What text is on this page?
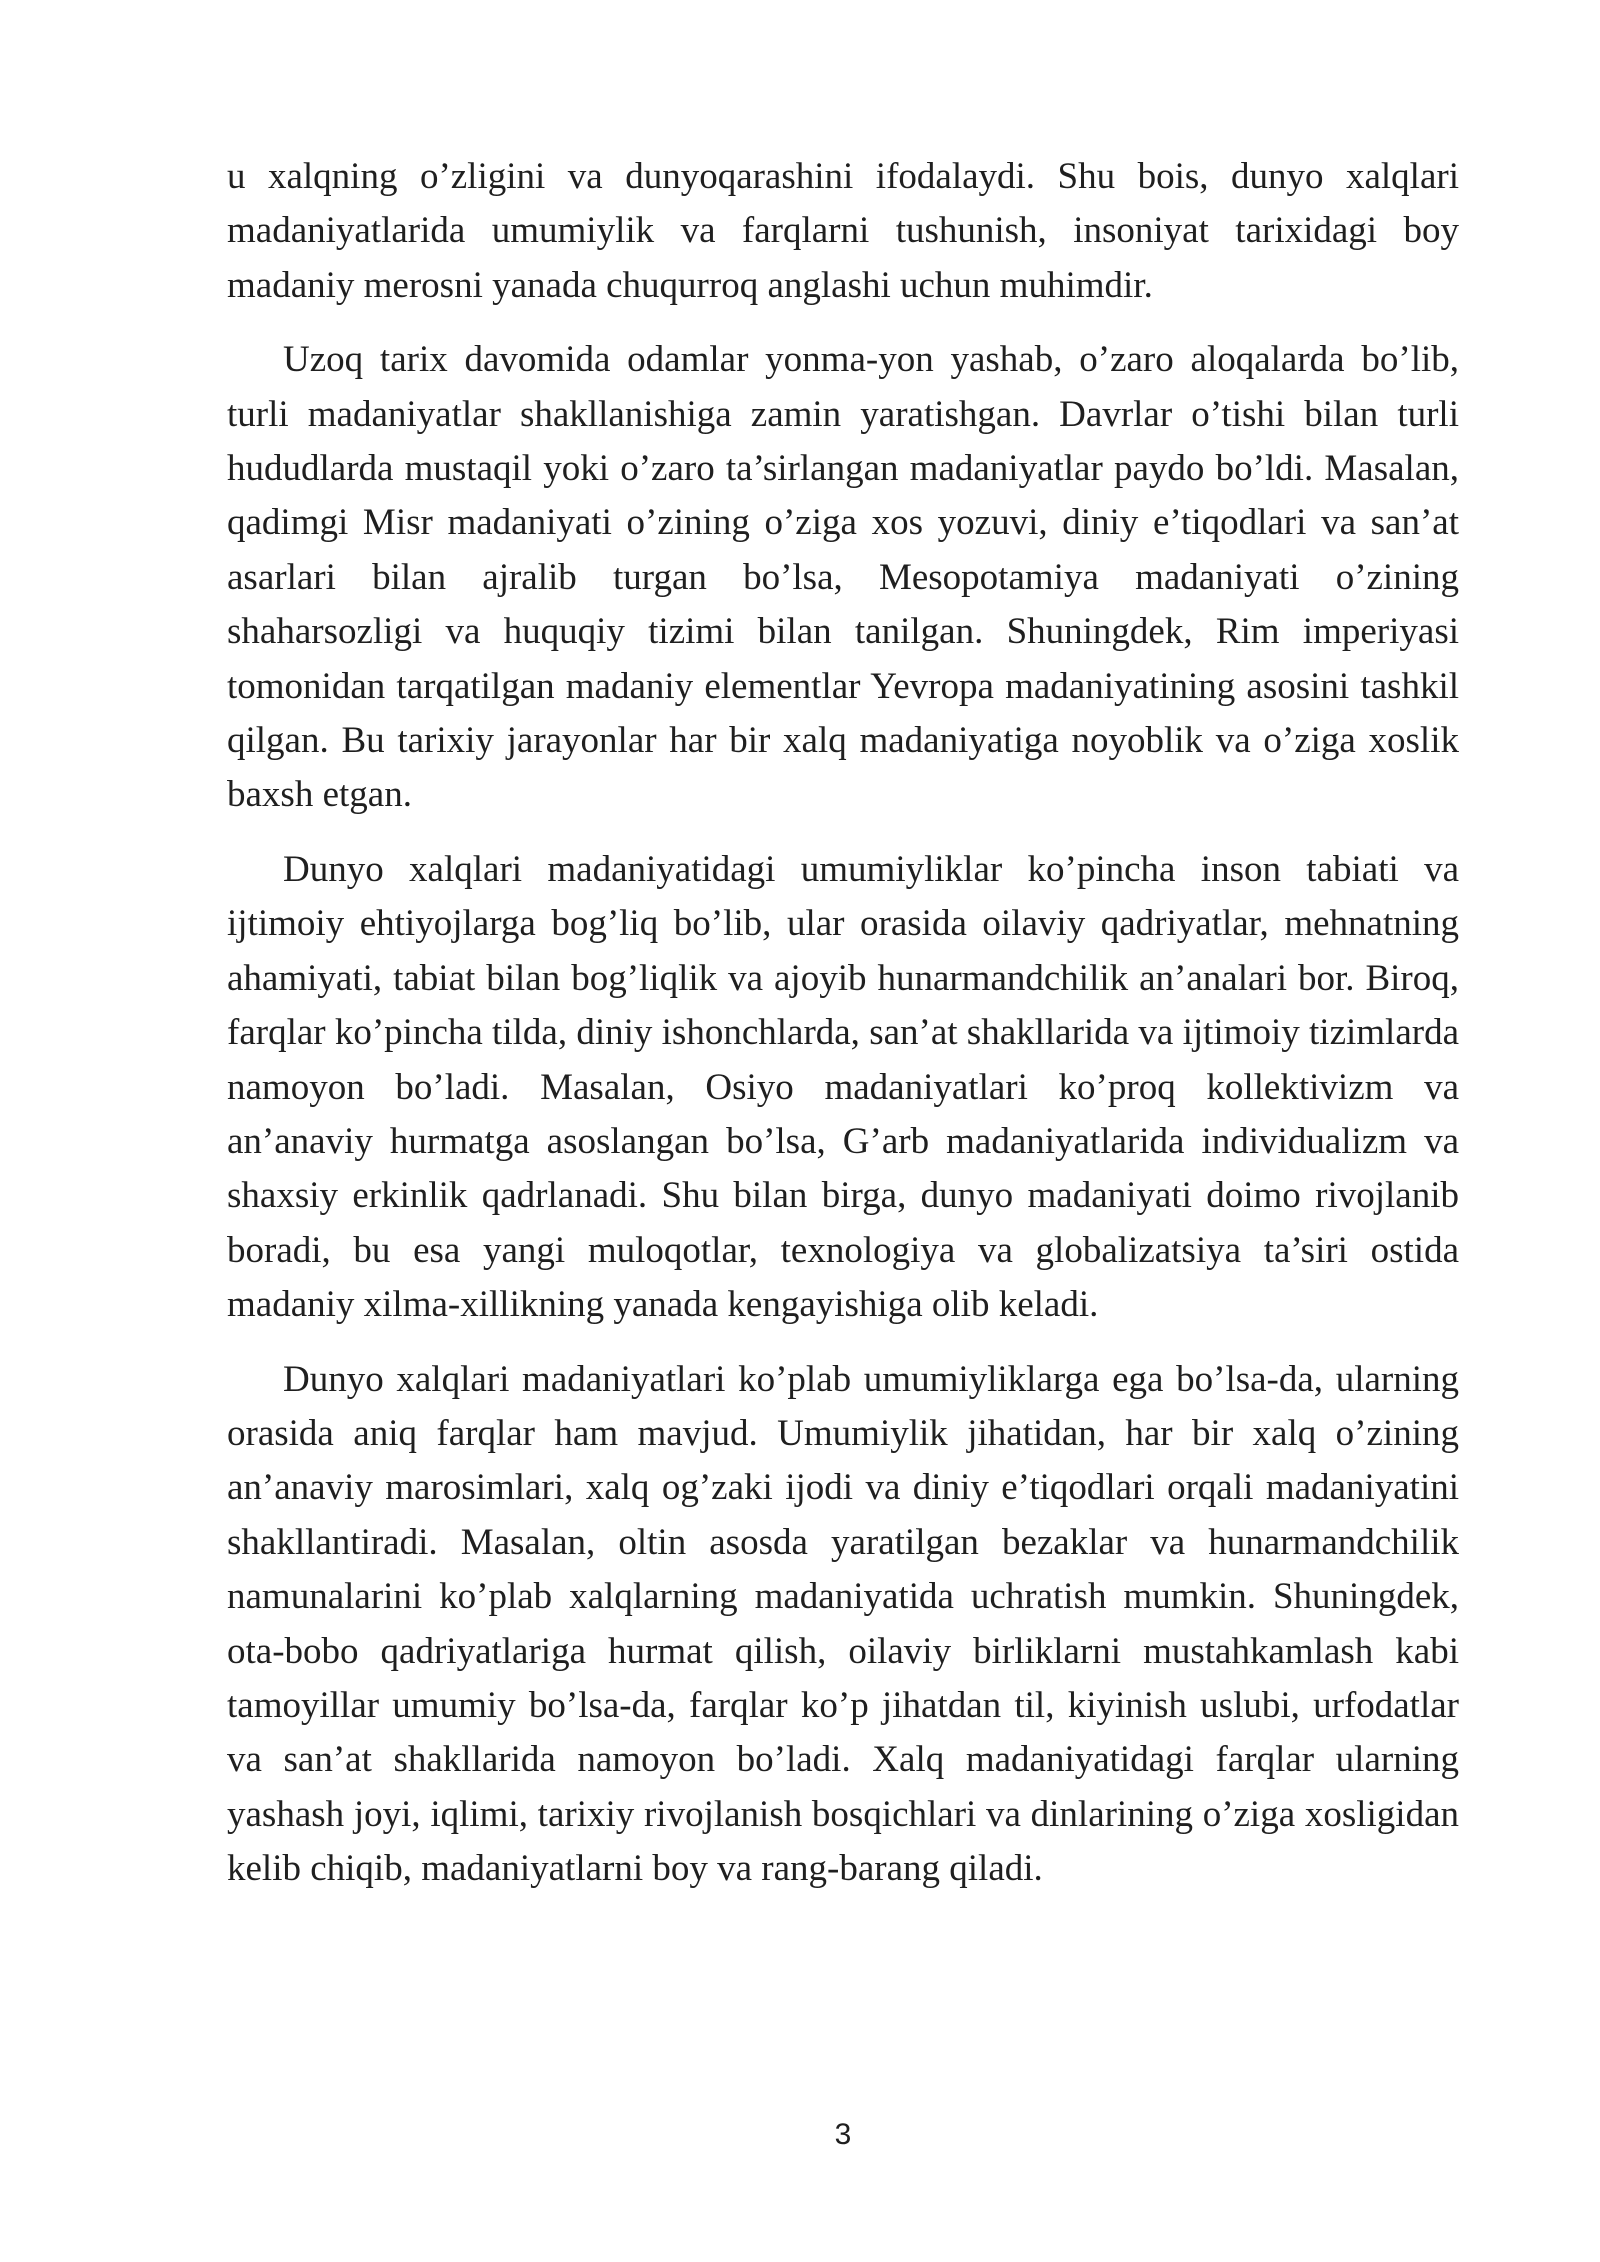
u xalqning o’zligini va dunyoqarashini ifodalaydi. Shu bois, dunyo xalqlari madaniyatlarida umumiylik va farqlarni tushunish, insoniyat tarixidagi boy madaniy merosni yanada chuqurroq anglashi uchun muhimdir.

Uzoq tarix davomida odamlar yonma-yon yashab, o’zaro aloqalarda bo’lib, turli madaniyatlar shakllanishiga zamin yaratishgan. Davrlar o’tishi bilan turli hududlarda mustaqil yoki o’zaro ta’sirlangan madaniyatlar paydo bo’ldi. Masalan, qadimgi Misr madaniyati o’zining o’ziga xos yozuvi, diniy e’tiqodlari va san’at asarlari bilan ajralib turgan bo’lsa, Mesopotamiya madaniyati o’zining shaharsozligi va huquqiy tizimi bilan tanilgan. Shuningdek, Rim imperiyasi tomonidan tarqatilgan madaniy elementlar Yevropa madaniyatining asosini tashkil qilgan. Bu tarixiy jarayonlar har bir xalq madaniyatiga noyoblik va o’ziga xoslik baxsh etgan.

Dunyo xalqlari madaniyatidagi umumiyliklar ko’pincha inson tabiati va ijtimoiy ehtiyojlarga bog’liq bo’lib, ular orasida oilaviy qadriyatlar, mehnatning ahamiyati, tabiat bilan bog’liqlik va ajoyib hunarmandchilik an’analari bor. Biroq, farqlar ko’pincha tilda, diniy ishonchlarda, san’at shakllarida va ijtimoiy tizimlarda namoyon bo’ladi. Masalan, Osiyo madaniyatlari ko’proq kollektivizm va an’anaviy hurmatga asoslangan bo’lsa, G’arb madaniyatlarida individualizm va shaxsiy erkinlik qadrlanadi. Shu bilan birga, dunyo madaniyati doimo rivojlanib boradi, bu esa yangi muloqotlar, texnologiya va globalizatsiya ta’siri ostida madaniy xilma-xillikning yanada kengayishiga olib keladi.

Dunyo xalqlari madaniyatlari ko’plab umumiyliklarga ega bo’lsa-da, ularning orasida aniq farqlar ham mavjud. Umumiylik jihatidan, har bir xalq o’zining an’anaviy marosimlari, xalq og’zaki ijodi va diniy e’tiqodlari orqali madaniyatini shakllantiradi. Masalan, oltin asosda yaratilgan bezaklar va hunarmandchilik namunalarini ko’plab xalqlarning madaniyatida uchratish mumkin. Shuningdek, ota-bobo qadriyatlariga hurmat qilish, oilaviy birliklarni mustahkamlash kabi tamoyillar umumiy bo’lsa-da, farqlar ko’p jihatdan til, kiyinish uslubi, urfodatlar va san’at shakllarida namoyon bo’ladi. Xalq madaniyatidagi farqlar ularning yashash joyi, iqlimi, tarixiy rivojlanish bosqichlari va dinlarining o’ziga xosligidan kelib chiqib, madaniyatlarni boy va rang-barang qiladi.

3
